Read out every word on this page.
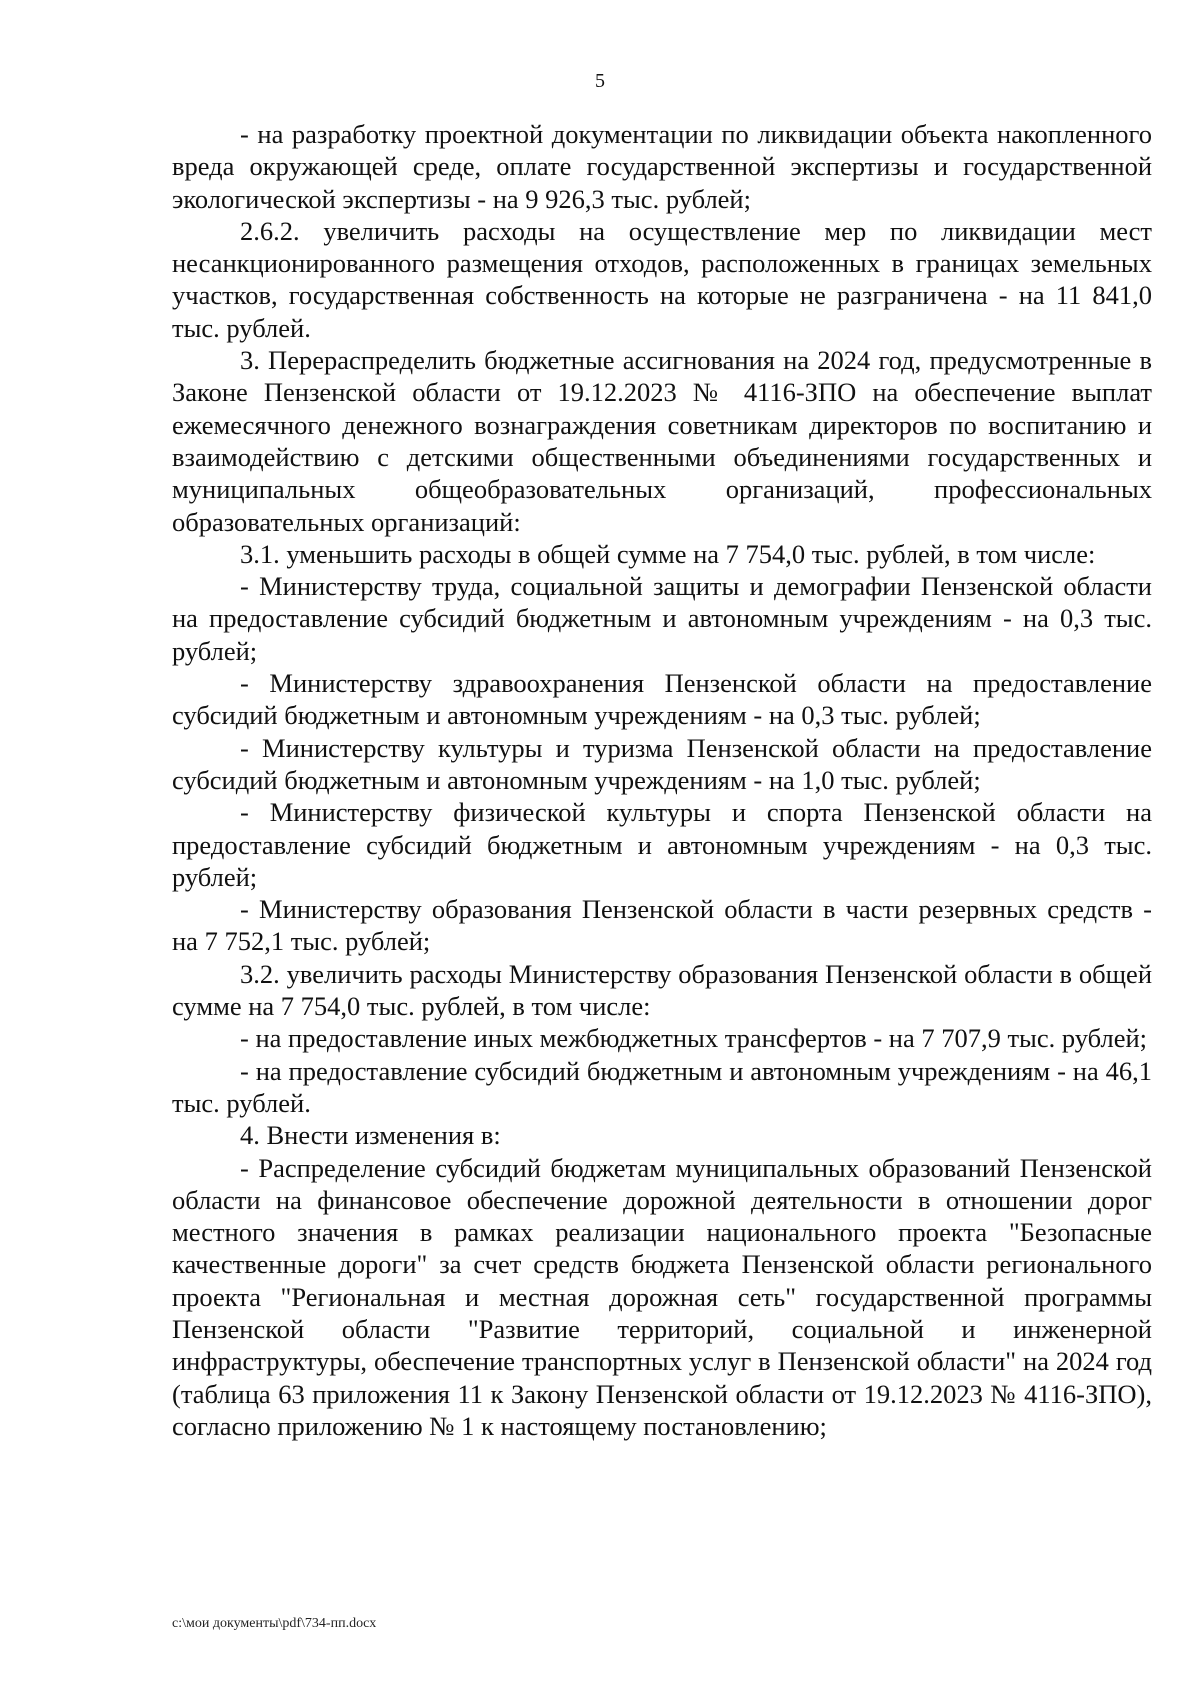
5

- на разработку проектной документации по ликвидации объекта накопленного вреда окружающей среде, оплате государственной экспертизы и государственной экологической экспертизы - на 9 926,3 тыс. рублей;

2.6.2. увеличить расходы на осуществление мер по ликвидации мест несанкционированного размещения отходов, расположенных в границах земельных участков, государственная собственность на которые не разграничена - на 11 841,0 тыс. рублей.

3. Перераспределить бюджетные ассигнования на 2024 год, предусмотренные в Законе Пензенской области от 19.12.2023 № 4116-ЗПО на обеспечение выплат ежемесячного денежного вознаграждения советникам директоров по воспитанию и взаимодействию с детскими общественными объединениями государственных и муниципальных общеобразовательных организаций, профессиональных образовательных организаций:

3.1. уменьшить расходы в общей сумме на 7 754,0 тыс. рублей, в том числе:

- Министерству труда, социальной защиты и демографии Пензенской области на предоставление субсидий бюджетным и автономным учреждениям - на 0,3 тыс. рублей;

- Министерству здравоохранения Пензенской области на предоставление субсидий бюджетным и автономным учреждениям - на 0,3 тыс. рублей;

- Министерству культуры и туризма Пензенской области на предоставление субсидий бюджетным и автономным учреждениям - на 1,0 тыс. рублей;

- Министерству физической культуры и спорта Пензенской области на предоставление субсидий бюджетным и автономным учреждениям - на 0,3 тыс. рублей;

- Министерству образования Пензенской области в части резервных средств - на 7 752,1 тыс. рублей;

3.2. увеличить расходы Министерству образования Пензенской области в общей сумме на 7 754,0 тыс. рублей, в том числе:

- на предоставление иных межбюджетных трансфертов - на 7 707,9 тыс. рублей;

- на предоставление субсидий бюджетным и автономным учреждениям - на 46,1 тыс. рублей.

4. Внести изменения в:

- Распределение субсидий бюджетам муниципальных образований Пензенской области на финансовое обеспечение дорожной деятельности в отношении дорог местного значения в рамках реализации национального проекта "Безопасные качественные дороги" за счет средств бюджета Пензенской области регионального проекта "Региональная и местная дорожная сеть" государственной программы Пензенской области "Развитие территорий, социальной и инженерной инфраструктуры, обеспечение транспортных услуг в Пензенской области" на 2024 год (таблица 63 приложения 11 к Закону Пензенской области от 19.12.2023 № 4116-ЗПО), согласно приложению № 1 к настоящему постановлению;

c:\мои документы\pdf\734-пп.docx
